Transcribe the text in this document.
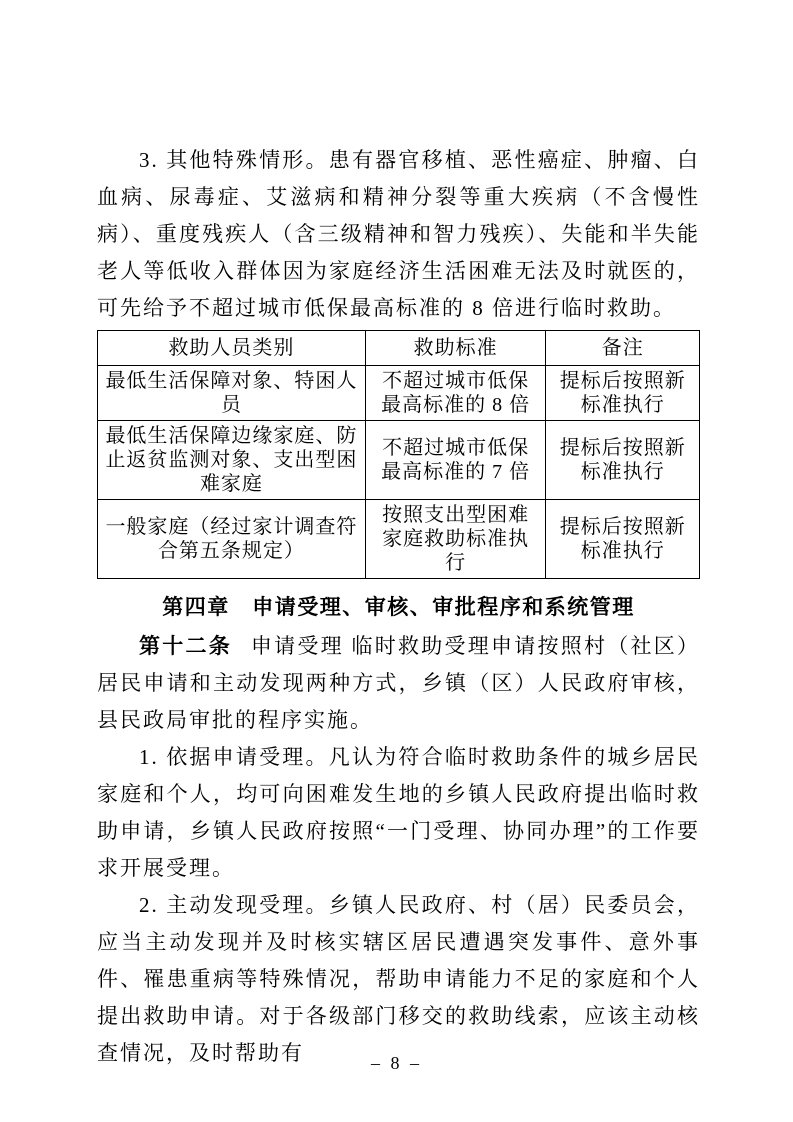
3. 其他特殊情形。患有器官移植、恶性癌症、肿瘤、白血病、尿毒症、艾滋病和精神分裂等重大疾病（不含慢性病）、重度残疾人（含三级精神和智力残疾）、失能和半失能老人等低收入群体因为家庭经济生活困难无法及时就医的，可先给予不超过城市低保最高标准的 8 倍进行临时救助。

救助人员类别	救助标准	备注
最低生活保障对象、特困人员	不超过城市低保最高标准的 8 倍	提标后按照新标准执行
最低生活保障边缘家庭、防止返贫监测对象、支出型困难家庭	不超过城市低保最高标准的 7 倍	提标后按照新标准执行
一般家庭（经过家计调查符合第五条规定）	按照支出型困难家庭救助标准执行	提标后按照新标准执行
第四章　申请受理、审核、审批程序和系统管理

第十二条 申请受理 临时救助受理申请按照村（社区）居民申请和主动发现两种方式，乡镇（区）人民政府审核，县民政局审批的程序实施。

1. 依据申请受理。凡认为符合临时救助条件的城乡居民家庭和个人，均可向困难发生地的乡镇人民政府提出临时救助申请，乡镇人民政府按照“一门受理、协同办理”的工作要求开展受理。

2. 主动发现受理。乡镇人民政府、村（居）民委员会，应当主动发现并及时核实辖区居民遭遇突发事件、意外事件、罹患重病等特殊情况，帮助申请能力不足的家庭和个人提出救助申请。对于各级部门移交的救助线索，应该主动核查情况，及时帮助有	– 8 –
